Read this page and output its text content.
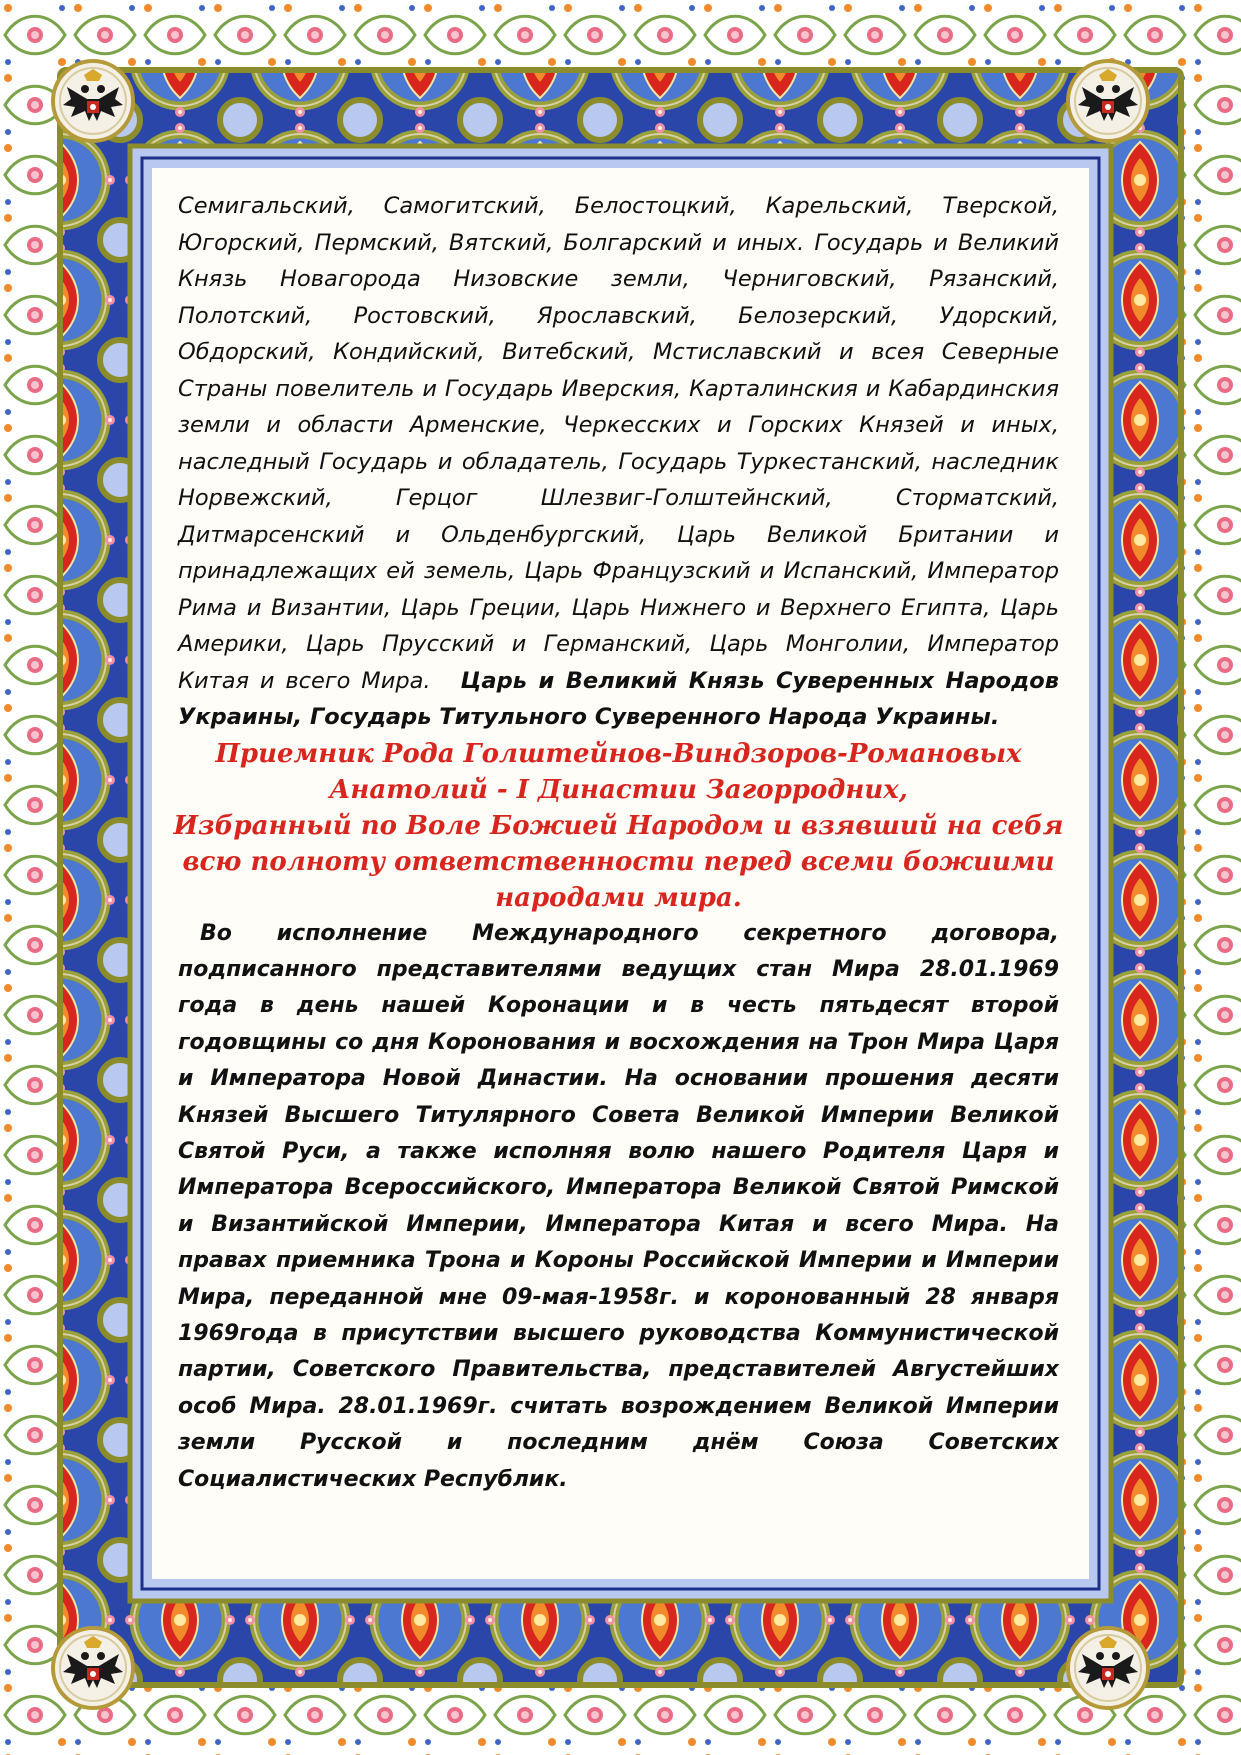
Семигальский, Самогитский, Белостоцкий, Карельский, Тверской, Югорский, Пермский, Вятский, Болгарский и иных. Государь и Великий Князь Новагорода Низовские земли, Черниговский, Рязанский, Полотский, Ростовский, Ярославский, Белозерский, Удорский, Обдорский, Кондийский, Витебский, Мстиславский и всея Северные Страны повелитель и Государь Иверския, Карталинския и Кабардинския земли и области Арменские, Черкесских и Горских Князей и иных, наследный Государь и обладатель, Государь Туркестанский, наследник Норвежский, Герцог Шлезвиг-Голштейнский, Сторматский, Дитмарсенский и Ольденбургский, Царь Великой Британии и принадлежащих ей земель, Царь Французский и Испанский, Император Рима и Византии, Царь Греции, Царь Нижнего и Верхнего Египта, Царь Америки, Царь Прусский и Германский, Царь Монголии, Император Китая и всего Мира. Царь и Великий Князь Суверенных Народов Украины, Государь Титульного Суверенного Народа Украины.

Приемник Рода Голштейнов-Виндзоров-Романовых
Анатолий - I Династии Загорродних,
Избранный по Воле Божией Народом и взявший на себя
всю полноту ответственности перед всеми божиими
народами мира.

Во исполнение Международного секретного договора, подписанного представителями ведущих стан Мира 28.01.1969 года в день нашей Коронации и в честь пятьдесят второй годовщины со дня Коронования и восхождения на Трон Мира Царя и Императора Новой Династии. На основании прошения десяти Князей Высшего Титулярного Совета Великой Империи Великой Святой Руси, а также исполняя волю нашего Родителя Царя и Императора Всероссийского, Императора Великой Святой Римской и Византийской Империи, Императора Китая и всего Мира. На правах приемника Трона и Короны Российской Империи и Империи Мира, переданной мне 09-мая-1958г. и коронованный 28 января 1969года в присутствии высшего руководства Коммунистической партии, Советского Правительства, представителей Августейших особ Мира. 28.01.1969г. считать возрождением Великой Империи земли Русской и последним днём Союза Советских Социалистических Республик.
